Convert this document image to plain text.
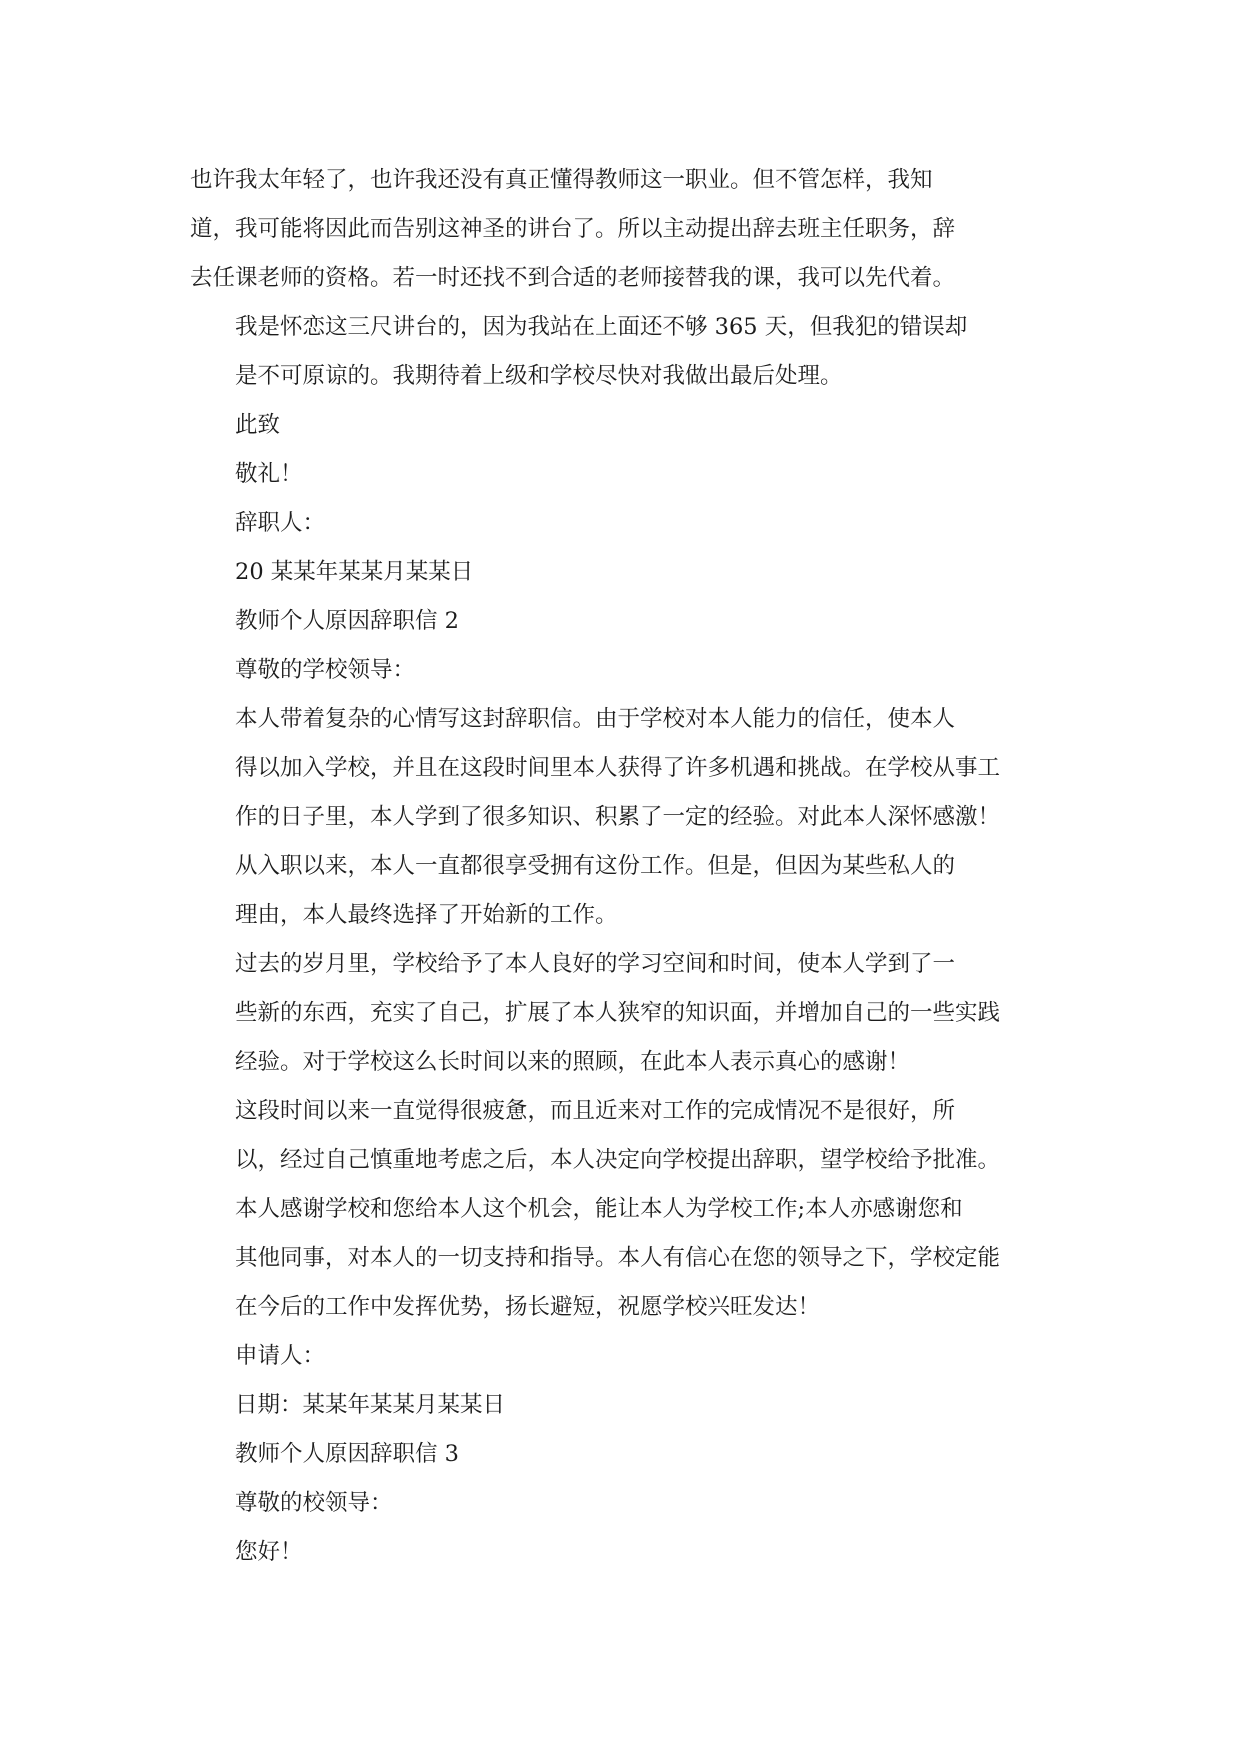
也许我太年轻了，也许我还没有真正懂得教师这一职业。但不管怎样，我知
道，我可能将因此而告别这神圣的讲台了。所以主动提出辞去班主任职务，辞
去任课老师的资格。若一时还找不到合适的老师接替我的课，我可以先代着。

我是怀恋这三尺讲台的，因为我站在上面还不够 365 天，但我犯的错误却
是不可原谅的。我期待着上级和学校尽快对我做出最后处理。

此致

敬礼！

辞职人：

20 某某年某某月某某日

教师个人原因辞职信 2

尊敬的学校领导：

本人带着复杂的心情写这封辞职信。由于学校对本人能力的信任，使本人
得以加入学校，并且在这段时间里本人获得了许多机遇和挑战。在学校从事工
作的日子里，本人学到了很多知识、积累了一定的经验。对此本人深怀感激！

从入职以来，本人一直都很享受拥有这份工作。但是，但因为某些私人的
理由，本人最终选择了开始新的工作。

过去的岁月里，学校给予了本人良好的学习空间和时间，使本人学到了一
些新的东西，充实了自己，扩展了本人狭窄的知识面，并增加自己的一些实践
经验。对于学校这么长时间以来的照顾，在此本人表示真心的感谢！

这段时间以来一直觉得很疲惫，而且近来对工作的完成情况不是很好，所
以，经过自己慎重地考虑之后，本人决定向学校提出辞职，望学校给予批准。

本人感谢学校和您给本人这个机会，能让本人为学校工作;本人亦感谢您和
其他同事，对本人的一切支持和指导。本人有信心在您的领导之下，学校定能
在今后的工作中发挥优势，扬长避短，祝愿学校兴旺发达！

申请人：

日期：某某年某某月某某日

教师个人原因辞职信 3

尊敬的校领导：

您好！
